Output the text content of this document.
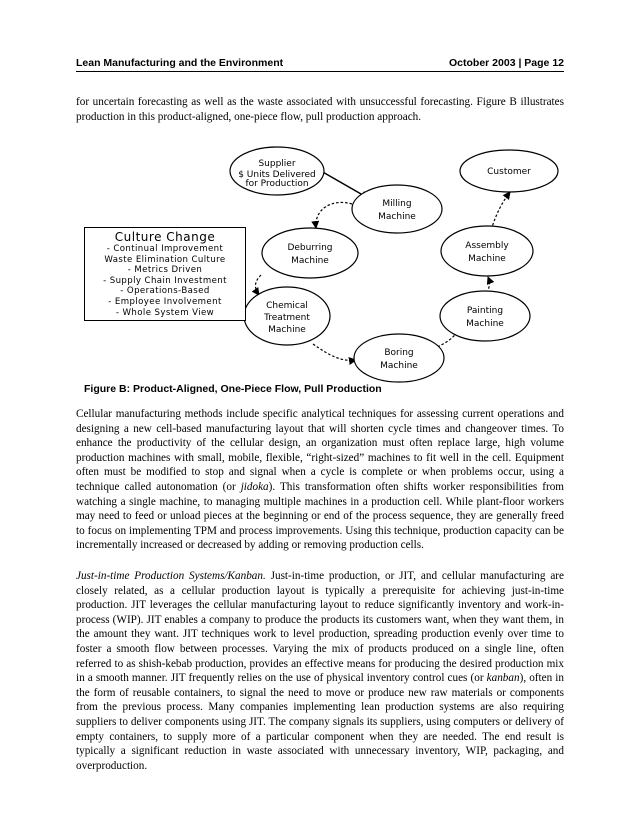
Lean Manufacturing and the Environment	October 2003 | Page 12

for uncertain forecasting as well as the waste associated with unsuccessful forecasting. Figure B illustrates production in this product-aligned, one-piece flow, pull production approach.

Supplier
$ Units Delivered
for Production
Customer
Milling
Machine
Deburring
Machine
Assembly
Machine
Chemical
Treatment
Machine
Painting
Machine
Boring
Machine
Culture Change
- Continual Improvement
Waste Elimination Culture
- Metrics Driven
- Supply Chain Investment
- Operations-Based
- Employee Involvement
- Whole System View
Figure B: Product-Aligned, One-Piece Flow, Pull Production

Cellular manufacturing methods include specific analytical techniques for assessing current operations and designing a new cell-based manufacturing layout that will shorten cycle times and changeover times. To enhance the productivity of the cellular design, an organization must often replace large, high volume production machines with small, mobile, flexible, “right-sized” machines to fit well in the cell. Equipment often must be modified to stop and signal when a cycle is complete or when problems occur, using a technique called autonomation (or jidoka). This transformation often shifts worker responsibilities from watching a single machine, to managing multiple machines in a production cell. While plant-floor workers may need to feed or unload pieces at the beginning or end of the process sequence, they are generally freed to focus on implementing TPM and process improvements. Using this technique, production capacity can be incrementally increased or decreased by adding or removing production cells.

Just-in-time Production Systems/Kanban. Just-in-time production, or JIT, and cellular manufacturing are closely related, as a cellular production layout is typically a prerequisite for achieving just-in-time production. JIT leverages the cellular manufacturing layout to reduce significantly inventory and work-in-process (WIP). JIT enables a company to produce the products its customers want, when they want them, in the amount they want. JIT techniques work to level production, spreading production evenly over time to foster a smooth flow between processes. Varying the mix of products produced on a single line, often referred to as shish-kebab production, provides an effective means for producing the desired production mix in a smooth manner. JIT frequently relies on the use of physical inventory control cues (or kanban), often in the form of reusable containers, to signal the need to move or produce new raw materials or components from the previous process. Many companies implementing lean production systems are also requiring suppliers to deliver components using JIT. The company signals its suppliers, using computers or delivery of empty containers, to supply more of a particular component when they are needed. The end result is typically a significant reduction in waste associated with unnecessary inventory, WIP, packaging, and overproduction.
